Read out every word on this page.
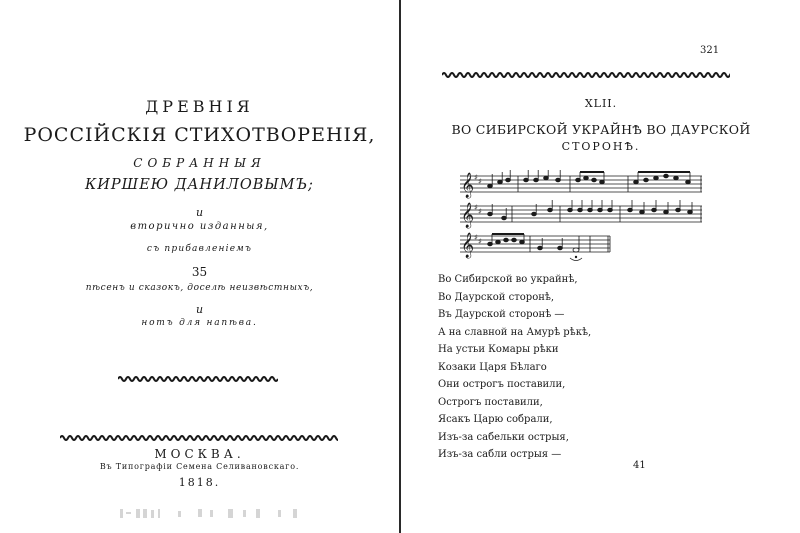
ДРЕВНІЯ
РОССІЙСКІЯ СТИХОТВОРЕНІЯ,
СОБРАННЫЯ
КИРШЕЮ ДАНИЛОВЫМЪ;
и
вторично изданныя,
съ прибавленіемъ
35
пѣсенъ и сказокъ, доселѣ неизвѣстныхъ,
и
нотъ для напѣва.
МОСКВА.
Въ Типографіи Семена Селивановскаго.
1818.
321
XLII.
ВО СИБИРСКОЙ УКРАЙНѢ ВО ДАУРСКОЙ
СТОРОНѢ.
𝄞
𝄞
𝄞
♯ ♯
♯ ♯
♯ ♯
Во Сибирской во украйнѣ,
Во Даурской сторонѣ,
Въ Даурской сторонѣ —
А на славной на Амурѣ рѣкѣ,
На устьи Комары рѣки
Козаки Царя Бѣлаго
Они острогъ поставили,
Острогъ поставили,
Ясакъ Царю собрали,
Изъ-за сабельки острыя,
Изъ-за сабли острыя —
41
